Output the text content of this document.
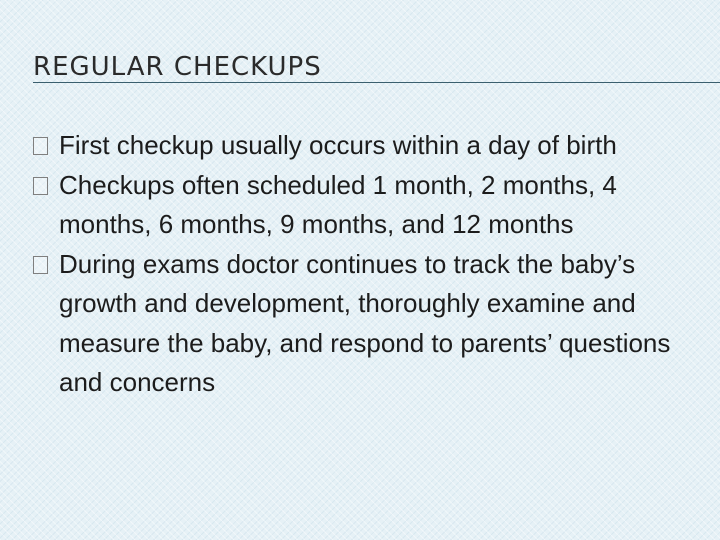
REGULAR CHECKUPS
First checkup usually occurs within a day of birth
Checkups often scheduled 1 month, 2 months, 4 months, 6 months, 9 months, and 12 months
During exams doctor continues to track the baby’s growth and development, thoroughly examine and measure the baby, and respond to parents’ questions and concerns
